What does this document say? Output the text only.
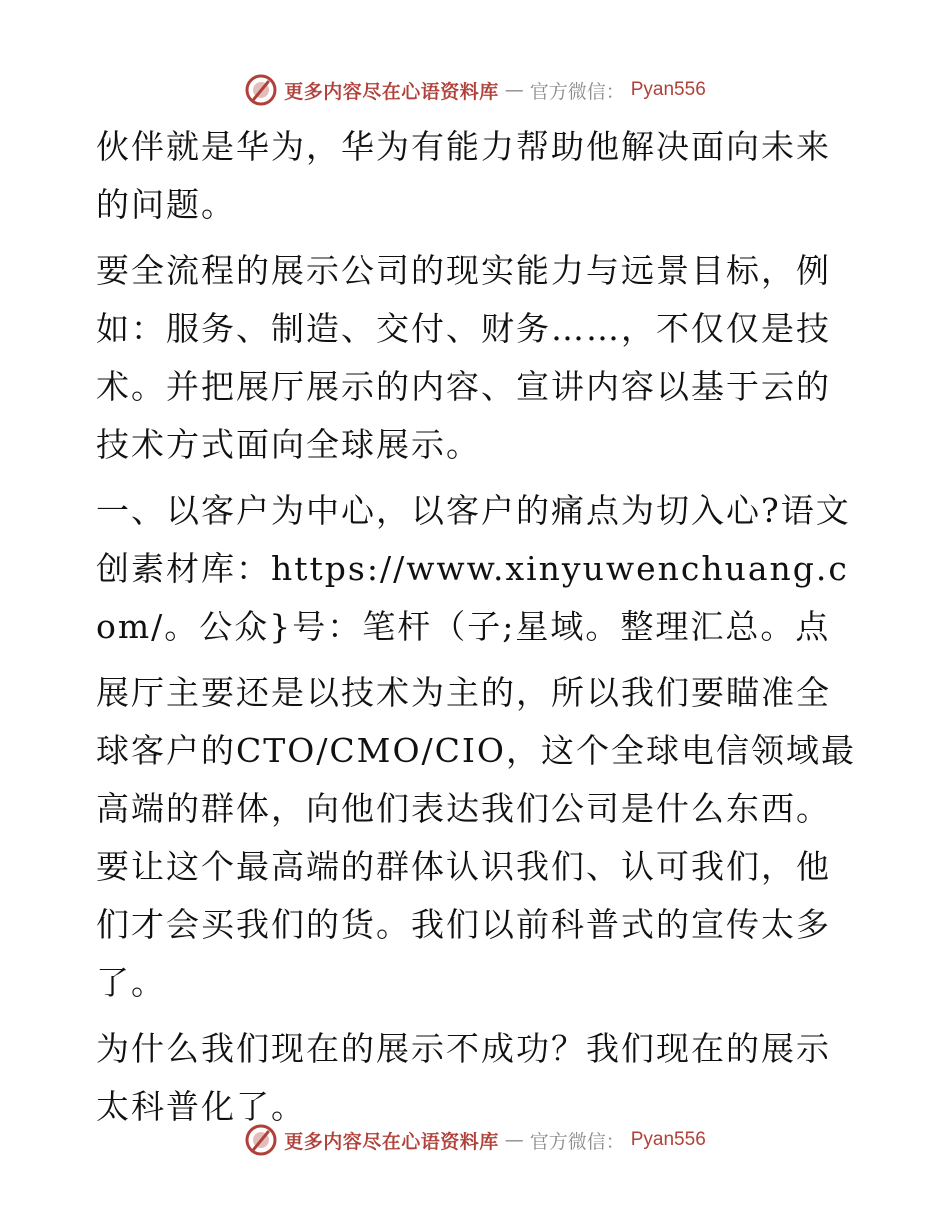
更多内容尽在心语资料库 — 官方微信： Pyan556

伙伴就是华为，华为有能力帮助他解决面向未来的问题。

要全流程的展示公司的现实能力与远景目标，例如：服务、制造、交付、财务……，不仅仅是技术。并把展厅展示的内容、宣讲内容以基于云的技术方式面向全球展示。

一、以客户为中心，以客户的痛点为切入心?语文创素材库：https://www.xinyuwenchuang.com/。公众}号：笔杆（子;星域。整理汇总。点

展厅主要还是以技术为主的，所以我们要瞄准全球客户的CTO/CMO/CIO，这个全球电信领域最高端的群体，向他们表达我们公司是什么东西。要让这个最高端的群体认识我们、认可我们，他们才会买我们的货。我们以前科普式的宣传太多了。

为什么我们现在的展示不成功？我们现在的展示太科普化了。

更多内容尽在心语资料库 — 官方微信： Pyan556
